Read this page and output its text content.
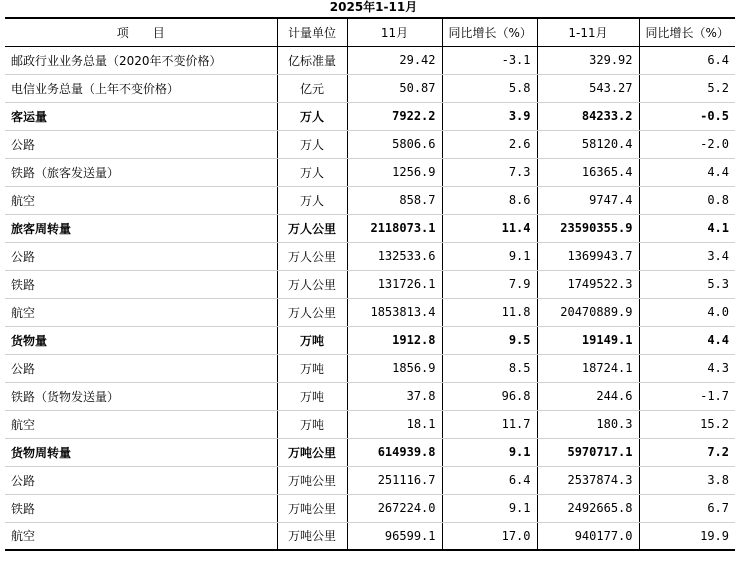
2025年1-11月
项　　目	计量单位	11月	同比增长（%）	1-11月	同比增长（%）
邮政行业业务总量（2020年不变价格）	亿标准量	29.42	-3.1	329.92	6.4
电信业务总量（上年不变价格）	亿元	50.87	5.8	543.27	5.2
客运量	万人	7922.2	3.9	84233.2	-0.5
公路	万人	5806.6	2.6	58120.4	-2.0
铁路（旅客发送量）	万人	1256.9	7.3	16365.4	4.4
航空	万人	858.7	8.6	9747.4	0.8
旅客周转量	万人公里	2118073.1	11.4	23590355.9	4.1
公路	万人公里	132533.6	9.1	1369943.7	3.4
铁路	万人公里	131726.1	7.9	1749522.3	5.3
航空	万人公里	1853813.4	11.8	20470889.9	4.0
货物量	万吨	1912.8	9.5	19149.1	4.4
公路	万吨	1856.9	8.5	18724.1	4.3
铁路（货物发送量）	万吨	37.8	96.8	244.6	-1.7
航空	万吨	18.1	11.7	180.3	15.2
货物周转量	万吨公里	614939.8	9.1	5970717.1	7.2
公路	万吨公里	251116.7	6.4	2537874.3	3.8
铁路	万吨公里	267224.0	9.1	2492665.8	6.7
航空	万吨公里	96599.1	17.0	940177.0	19.9
